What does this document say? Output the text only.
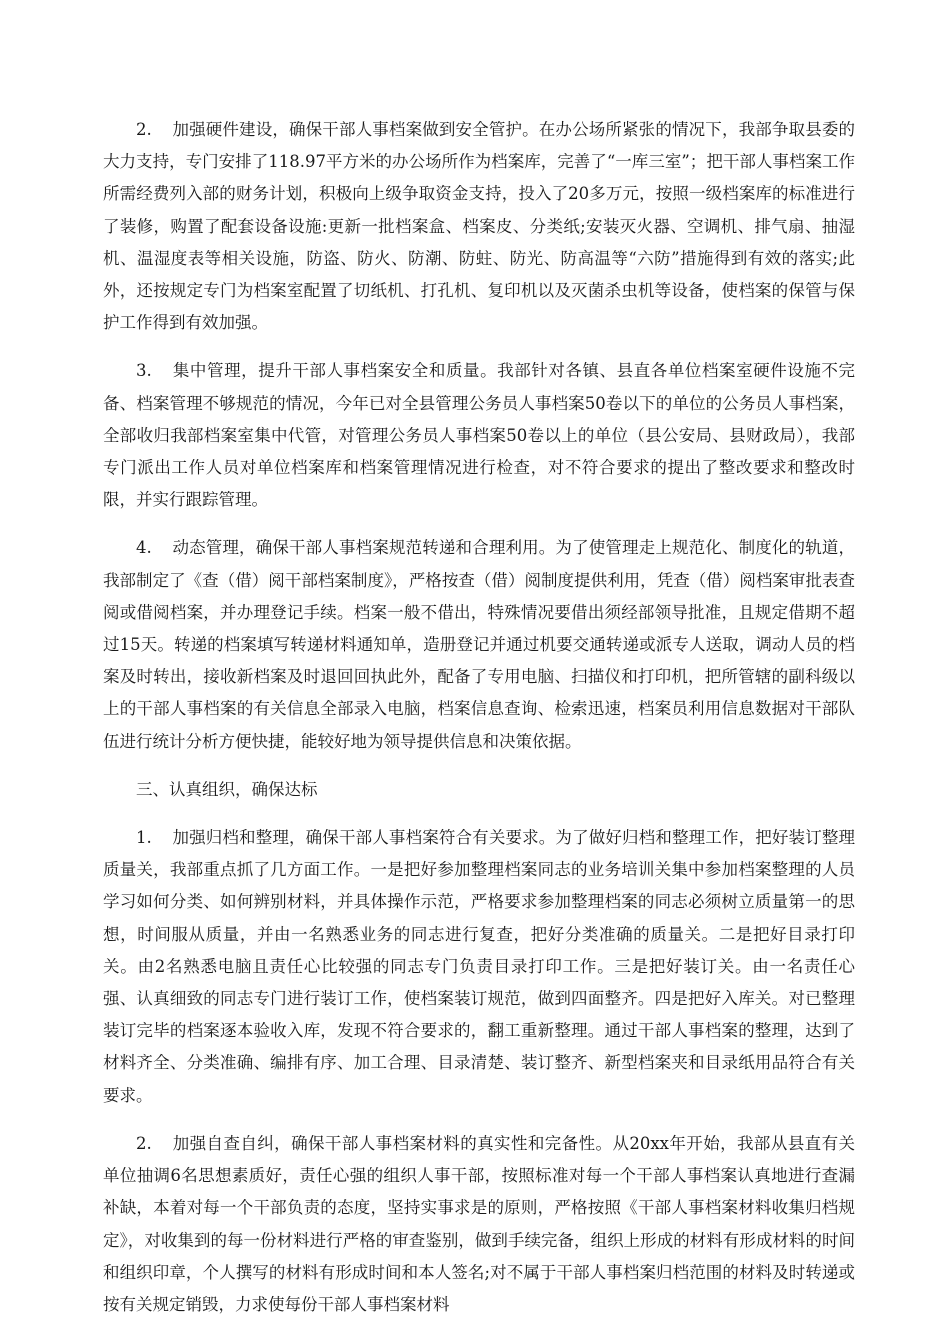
2. 加强硬件建设，确保干部人事档案做到安全管护。在办公场所紧张的情况下，我部争取县委的大力支持，专门安排了118.97平方米的办公场所作为档案库，完善了“一库三室”；把干部人事档案工作所需经费列入部的财务计划，积极向上级争取资金支持，投入了20多万元，按照一级档案库的标准进行了装修，购置了配套设备设施:更新一批档案盒、档案皮、分类纸;安装灭火器、空调机、排气扇、抽湿机、温湿度表等相关设施，防盗、防火、防潮、防蛀、防光、防高温等“六防”措施得到有效的落实;此外，还按规定专门为档案室配置了切纸机、打孔机、复印机以及灭菌杀虫机等设备，使档案的保管与保护工作得到有效加强。

3. 集中管理，提升干部人事档案安全和质量。我部针对各镇、县直各单位档案室硬件设施不完备、档案管理不够规范的情况，今年已对全县管理公务员人事档案50卷以下的单位的公务员人事档案，全部收归我部档案室集中代管，对管理公务员人事档案50卷以上的单位（县公安局、县财政局），我部专门派出工作人员对单位档案库和档案管理情况进行检查，对不符合要求的提出了整改要求和整改时限，并实行跟踪管理。

4. 动态管理，确保干部人事档案规范转递和合理利用。为了使管理走上规范化、制度化的轨道，我部制定了《查（借）阅干部档案制度》，严格按查（借）阅制度提供利用，凭查（借）阅档案审批表查阅或借阅档案，并办理登记手续。档案一般不借出，特殊情况要借出须经部领导批准，且规定借期不超过15天。转递的档案填写转递材料通知单，造册登记并通过机要交通转递或派专人送取，调动人员的档案及时转出，接收新档案及时退回回执此外，配备了专用电脑、扫描仪和打印机，把所管辖的副科级以上的干部人事档案的有关信息全部录入电脑，档案信息查询、检索迅速，档案员利用信息数据对干部队伍进行统计分析方便快捷，能较好地为领导提供信息和决策依据。

三、认真组织，确保达标

1. 加强归档和整理，确保干部人事档案符合有关要求。为了做好归档和整理工作，把好装订整理质量关，我部重点抓了几方面工作。一是把好参加整理档案同志的业务培训关集中参加档案整理的人员学习如何分类、如何辨别材料，并具体操作示范，严格要求参加整理档案的同志必须树立质量第一的思想，时间服从质量，并由一名熟悉业务的同志进行复查，把好分类准确的质量关。二是把好目录打印关。由2名熟悉电脑且责任心比较强的同志专门负责目录打印工作。三是把好装订关。由一名责任心强、认真细致的同志专门进行装订工作，使档案装订规范，做到四面整齐。四是把好入库关。对已整理装订完毕的档案逐本验收入库，发现不符合要求的，翻工重新整理。通过干部人事档案的整理，达到了材料齐全、分类准确、编排有序、加工合理、目录清楚、装订整齐、新型档案夹和目录纸用品符合有关要求。

2. 加强自查自纠，确保干部人事档案材料的真实性和完备性。从20xx年开始，我部从县直有关单位抽调6名思想素质好，责任心强的组织人事干部，按照标准对每一个干部人事档案认真地进行查漏补缺，本着对每一个干部负责的态度，坚持实事求是的原则，严格按照《干部人事档案材料收集归档规定》，对收集到的每一份材料进行严格的审查鉴别，做到手续完备，组织上形成的材料有形成材料的时间和组织印章，个人撰写的材料有形成时间和本人签名;对不属于干部人事档案归档范围的材料及时转递或按有关规定销毁，力求使每份干部人事档案材料
